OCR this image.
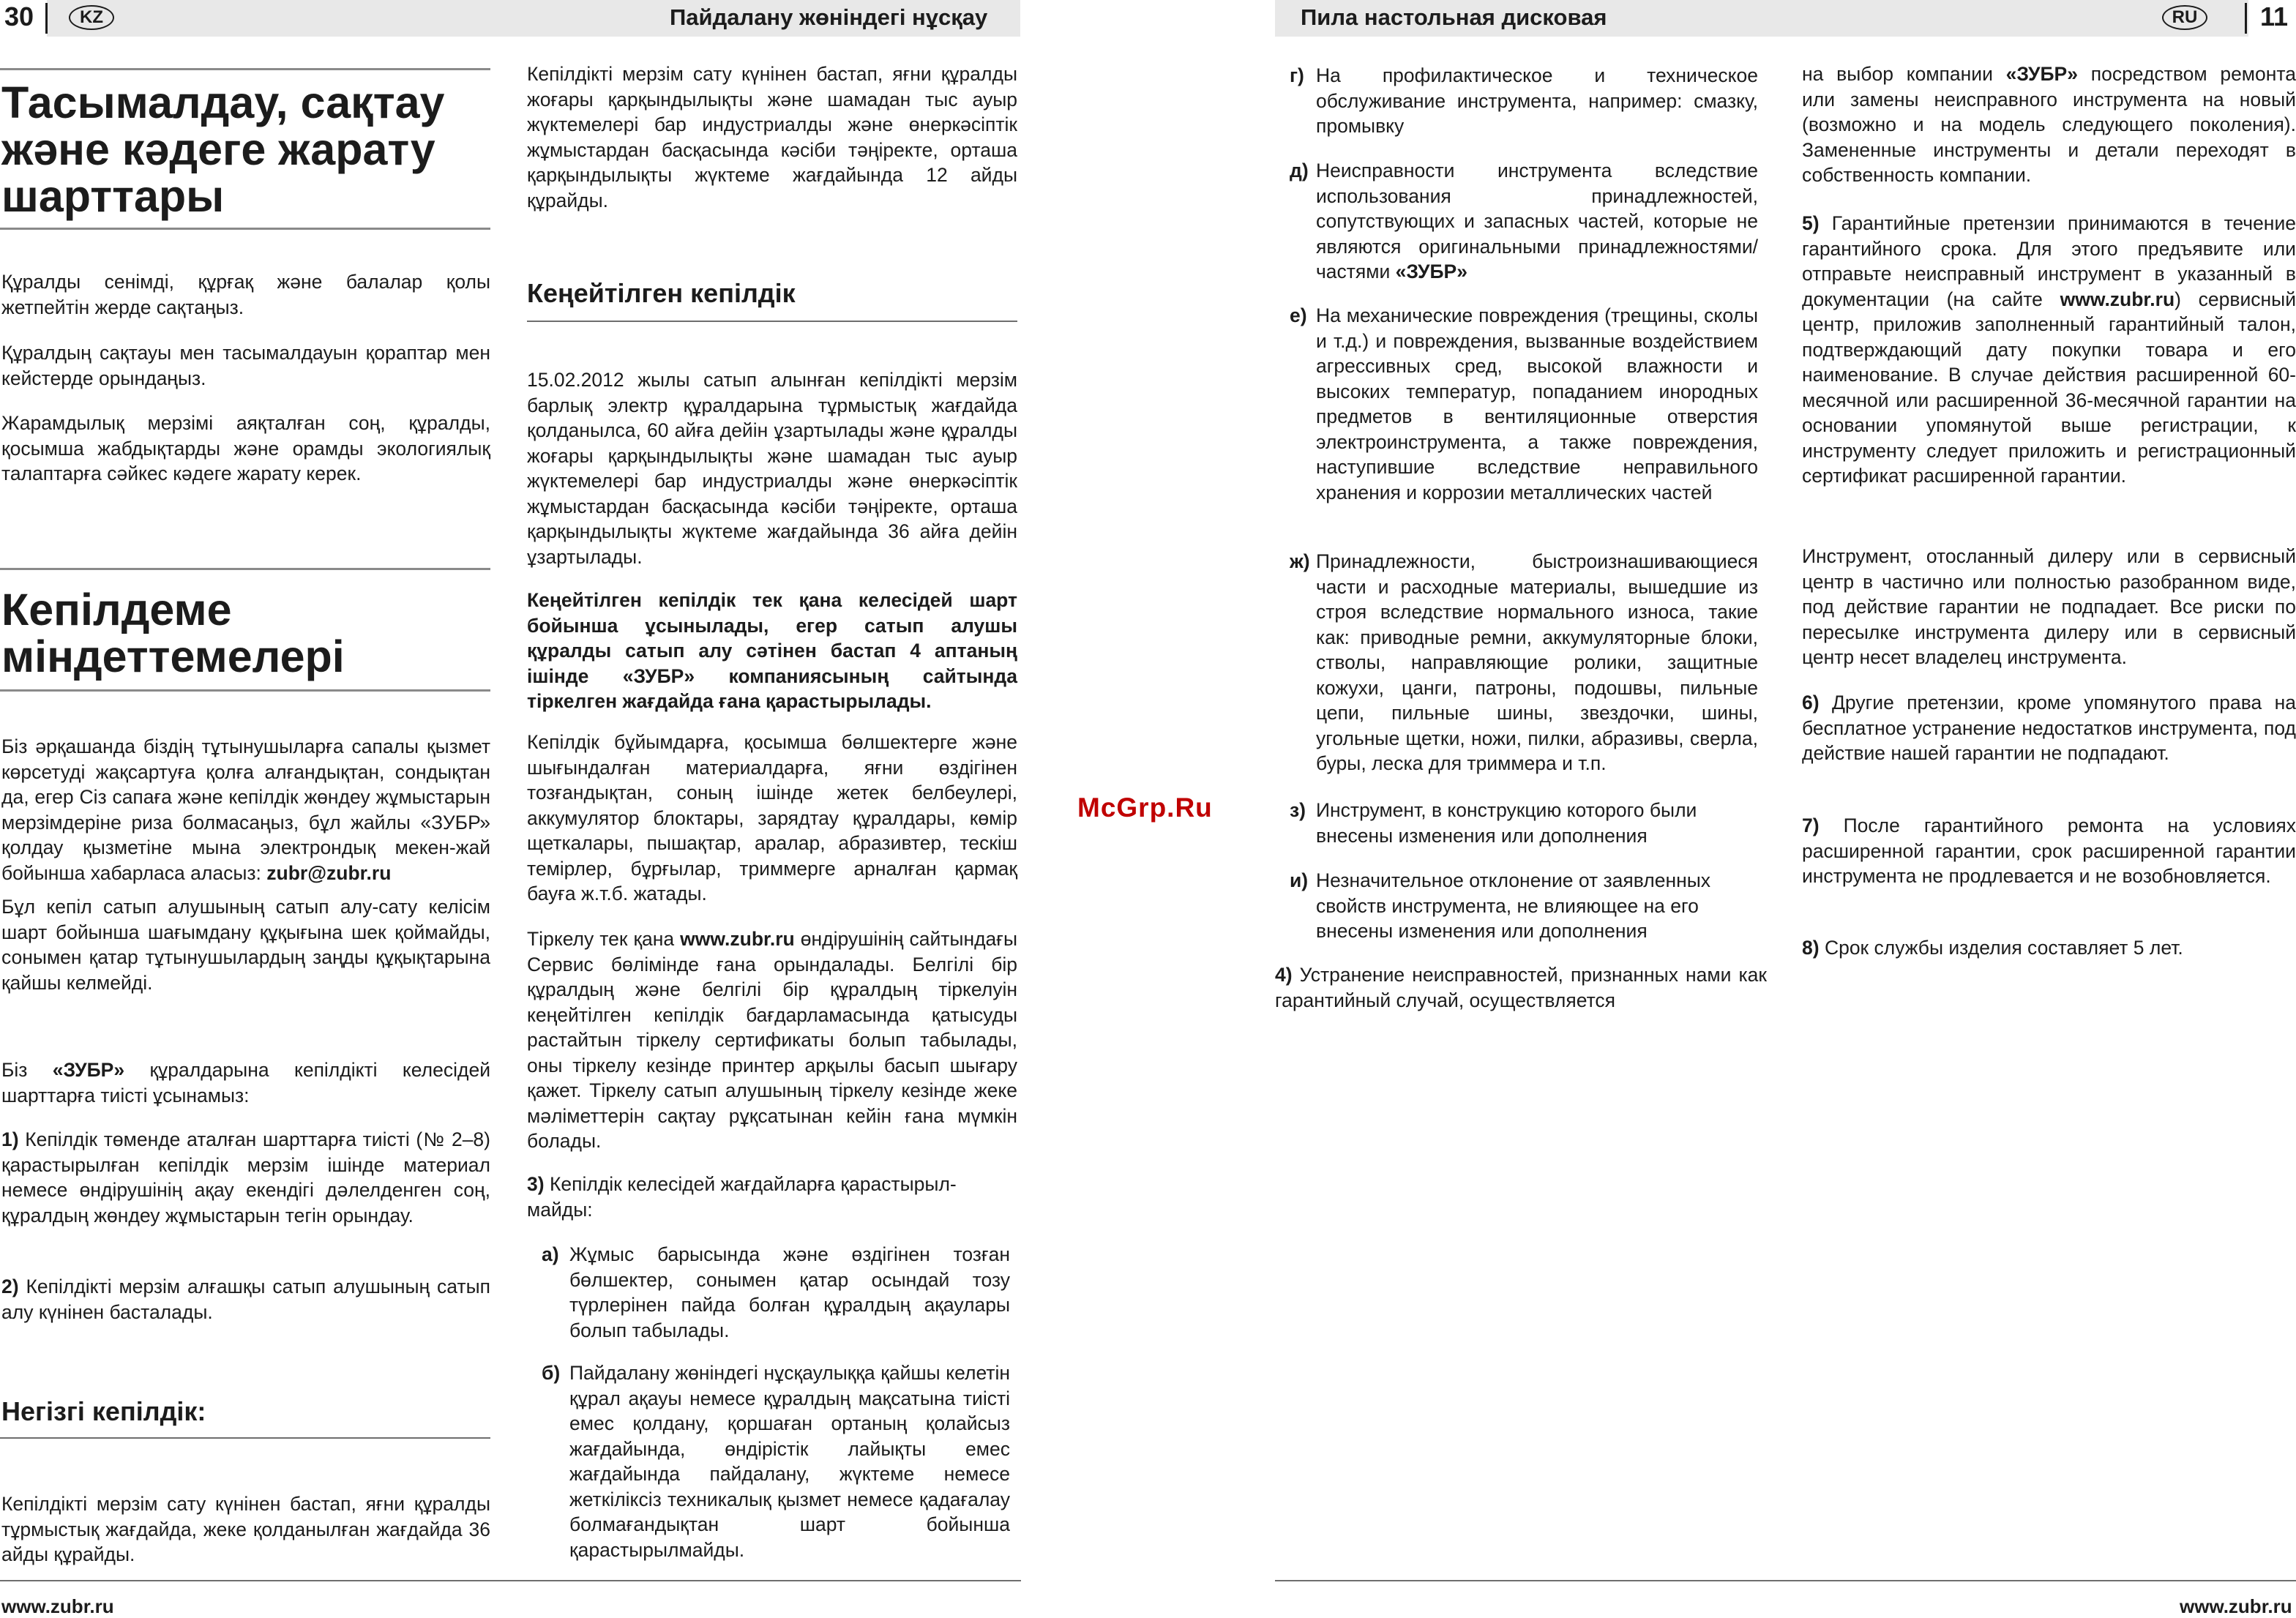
30	KZ	Пайдалану жөніндегі нұсқау	Пила настольная дисковая	RU	11
Тасымалдау, сақтау және кәдеге жарату шарттары
Құралды сенімді, құрғақ және балалар қолы жетпейтін жерде сақтаңыз.
Құралдың сақтауы мен тасымалдауын қораптар мен кейстерде орындаңыз.
Жарамдылық мерзімі аяқталған соң, құралды, қосымша жабдықтарды және орамды экологиялық талаптарға сәйкес кәдеге жарату керек.
Кепілдеме міндеттемелері
Біз әрқашанда біздің тұтынушыларға сапалы қызмет көрсетуді жақсартуға қолға алғандықтан, сондықтан да, егер Сіз сапаға және кепілдік жөндеу жұмыстарын мерзімдеріне риза болмасаңыз, бұл жайлы «ЗУБР» қолдау қызметіне мына электрондық мекен-жай бойынша хабарласа аласыз: zubr@zubr.ru
Бұл кепіл сатып алушының сатып алу-сату келісім шарт бойынша шағымдану құқығына шек қоймайды, сонымен қатар тұтынушылардың заңды құқықтарына қайшы келмейді.
Біз «ЗУБР» құралдарына кепілдікті келесідей шарттарға тиісті ұсынамыз:
1) Кепілдік төменде аталған шарттарға тиісті (№ 2–8) қарастырылған кепілдік мерзім ішінде материал немесе өндірушінің ақау екендігі дәлелденген соң, құралдың жөндеу жұмыстарын тегін орындау.
2) Кепілдікті мерзім алғашқы сатып алушының сатып алу күнінен басталады.
Негізгі кепілдік:
Кепілдікті мерзім сату күнінен бастап, яғни құралды тұрмыстық жағдайда, жеке қолданылған жағдайда 36 айды құрайды.
Кепілдікті мерзім сату күнінен бастап, яғни құралды жоғары қарқындылықты және шамадан тыс ауыр жүктемелері бар индустриалды және өнеркәсіптік жұмыстардан басқасында кәсіби тәңіректе, орташа қарқындылықты жүктеме жағдайында 12 айды құрайды.
Кеңейтілген кепілдік
15.02.2012 жылы сатып алынған кепілдікті мерзім барлық электр құралдарына тұрмыстық жағдайда қолданылса, 60 айға дейін ұзартылады және құралды жоғары қарқындылықты және шамадан тыс ауыр жүктемелері бар индустриалды және өнеркәсіптік жұмыстардан басқасында кәсіби тәңіректе, орташа қарқындылықты жүктеме жағдайында 36 айға дейін ұзартылады.
Кеңейтілген кепілдік тек қана келесідей шарт бойынша ұсынылады, егер сатып алушы құралды сатып алу сәтінен бастап 4 аптаның ішінде «ЗУБР» компаниясының сайтында тіркелген жағдайда ғана қарастырылады.
Кепілдік бұйымдарға, қосымша бөлшектерге және шығындалған материалдарға, яғни өздігінен тозғандықтан, соның ішінде жетек белбеулері, аккумулятор блоктары, зарядтау құралдары, көмір щеткалары, пышақтар, аралар, абразивтер, тескіш темірлер, бұрғылар, триммерге арналған қармақ бауға ж.т.б. жатады.
Тіркелу тек қана www.zubr.ru өндірушінің сайтындағы Сервис бөлімінде ғана орындалады. Белгілі бір құралдың және белгілі бір құралдың тіркелуін кеңейтілген кепілдік бағдарламасында қатысуды растайтын тіркелу сертификаты болып табылады, оны тіркелу кезінде принтер арқылы басып шығару қажет. Тіркелу сатып алушының тіркелу кезінде жеке мәліметтерін сақтау рұқсатынан кейін ғана мүмкін болады.
3) Кепілдік келесідей жағдайларға қарастырыл-майды:
а) Жұмыс барысында және өздігінен тозған бөлшектер, сонымен қатар осындай тозу түрлерінен пайда болған құралдың ақаулары болып табылады.
б) Пайдалану жөніндегі нұсқаулыққа қайшы келетін құрал ақауы немесе құралдың мақсатына тиісті емес қолдану, қоршаған ортаның қолайсыз жағдайында, өндірістік лайықты емес жағдайында пайдалану, жүктеме немесе жеткіліксіз техникалық қызмет немесе қадағалау болмағандықтан шарт бойынша қарастырылмайды.
www.zubr.ru
McGrp.Ru
г) На профилактическое и техническое обслуживание инструмента, например: смазку, промывку
д) Неисправности инструмента вследствие использования принадлежностей, сопутствующих и запасных частей, которые не являются оригинальными принадлежностями/ частями «ЗУБР»
е) На механические повреждения (трещины, сколы и т.д.) и повреждения, вызванные воздействием агрессивных сред, высокой влажности и высоких температур, попаданием инородных предметов в вентиляционные отверстия электроинструмента, а также повреждения, наступившие вследствие неправильного хранения и коррозии металлических частей
ж) Принадлежности, быстроизнашивающиеся части и расходные материалы, вышедшие из строя вследствие нормального износа, такие как: приводные ремни, аккумуляторные блоки, стволы, направляющие ролики, защитные кожухи, цанги, патроны, подошвы, пильные цепи, пильные шины, звездочки, шины, угольные щетки, ножи, пилки, абразивы, сверла, буры, леска для триммера и т.п.
з) Инструмент, в конструкцию которого были внесены изменения или дополнения
и) Незначительное отклонение от заявленных свойств инструмента, не влияющее на его внесены изменения или дополнения
4) Устранение неисправностей, признанных нами как гарантийный случай, осуществляется
на выбор компании «ЗУБР» посредством ремонта или замены неисправного инструмента на новый (возможно и на модель следующего поколения). Замененные инструменты и детали переходят в собственность компании.
5) Гарантийные претензии принимаются в течение гарантийного срока. Для этого предъявите или отправьте неисправный инструмент в указанный в документации (на сайте www.zubr.ru) сервисный центр, приложив заполненный гарантийный талон, подтверждающий дату покупки товара и его наименование. В случае действия расширенной 60-месячной или расширенной 36-месячной гарантии на основании упомянутой выше регистрации, к инструменту следует приложить и регистрационный сертификат расширенной гарантии.
Инструмент, отосланный дилеру или в сервисный центр в частично или полностью разобранном виде, под действие гарантии не подпадает. Все риски по пересылке инструмента дилеру или в сервисный центр несет владелец инструмента.
6) Другие претензии, кроме упомянутого права на бесплатное устранение недостатков инструмента, под действие нашей гарантии не подпадают.
7) После гарантийного ремонта на условиях расширенной гарантии, срок расширенной гарантии инструмента не продлевается и не возобновляется.
8) Срок службы изделия составляет 5 лет.
www.zubr.ru
